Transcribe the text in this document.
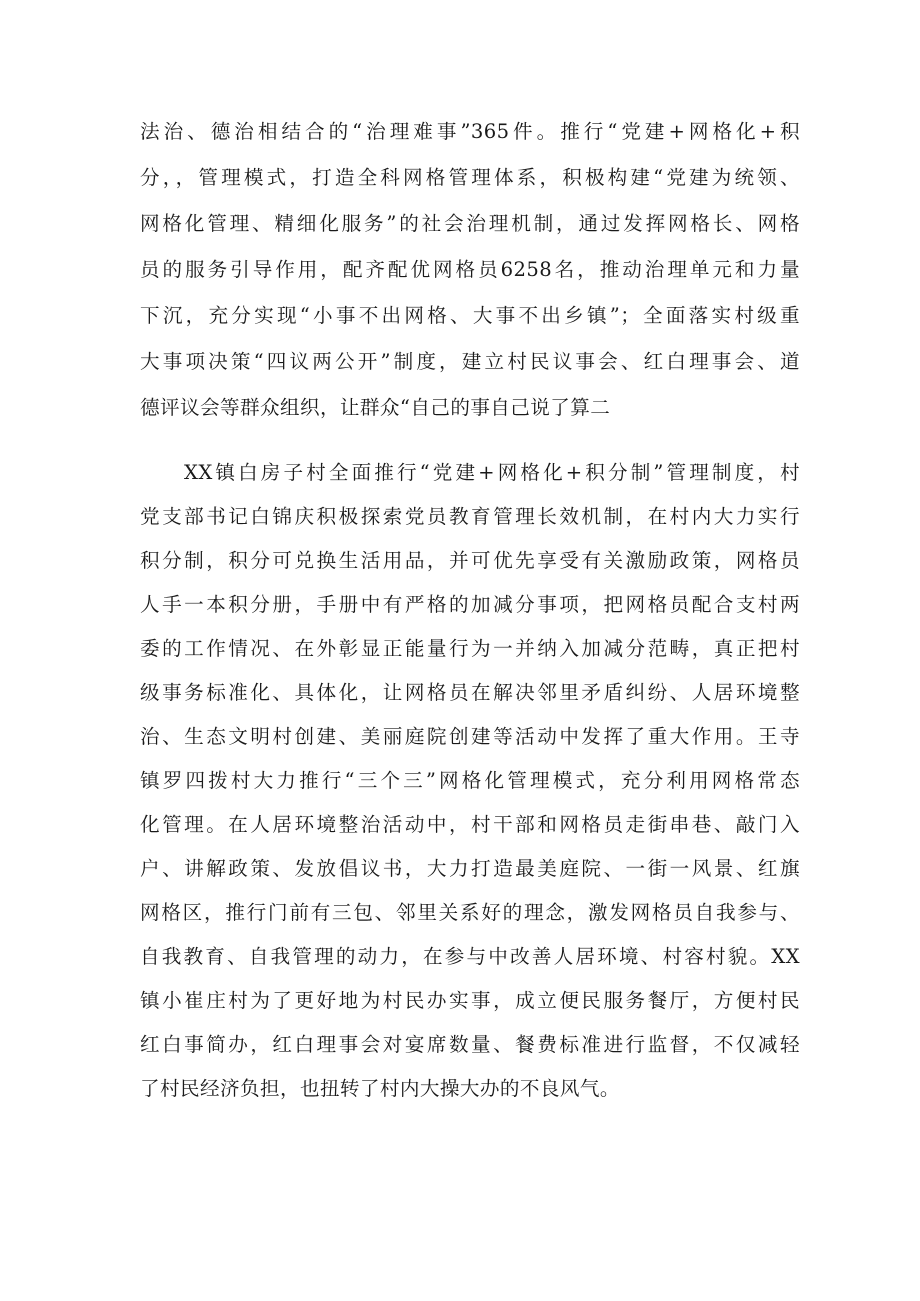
法治、德治相结合的“治理难事”365件。推行“党建+网格化+积
分，，管理模式，打造全科网格管理体系，积极构建“党建为统领、
网格化管理、精细化服务”的社会治理机制，通过发挥网格长、网格
员的服务引导作用，配齐配优网格员6258名，推动治理单元和力量
下沉，充分实现“小事不出网格、大事不出乡镇”；全面落实村级重
大事项决策“四议两公开”制度，建立村民议事会、红白理事会、道
德评议会等群众组织，让群众“自己的事自己说了算二
XX镇白房子村全面推行“党建+网格化+积分制”管理制度，村
党支部书记白锦庆积极探索党员教育管理长效机制，在村内大力实行
积分制，积分可兑换生活用品，并可优先享受有关激励政策，网格员
人手一本积分册，手册中有严格的加减分事项，把网格员配合支村两
委的工作情况、在外彰显正能量行为一并纳入加减分范畴，真正把村
级事务标准化、具体化，让网格员在解决邻里矛盾纠纷、人居环境整
治、生态文明村创建、美丽庭院创建等活动中发挥了重大作用。王寺
镇罗四拨村大力推行“三个三”网格化管理模式，充分利用网格常态
化管理。在人居环境整治活动中，村干部和网格员走街串巷、敲门入
户、讲解政策、发放倡议书，大力打造最美庭院、一街一风景、红旗
网格区，推行门前有三包、邻里关系好的理念，激发网格员自我参与、
自我教育、自我管理的动力，在参与中改善人居环境、村容村貌。XX
镇小崔庄村为了更好地为村民办实事，成立便民服务餐厅，方便村民
红白事简办，红白理事会对宴席数量、餐费标准进行监督，不仅减轻
了村民经济负担，也扭转了村内大操大办的不良风气。
